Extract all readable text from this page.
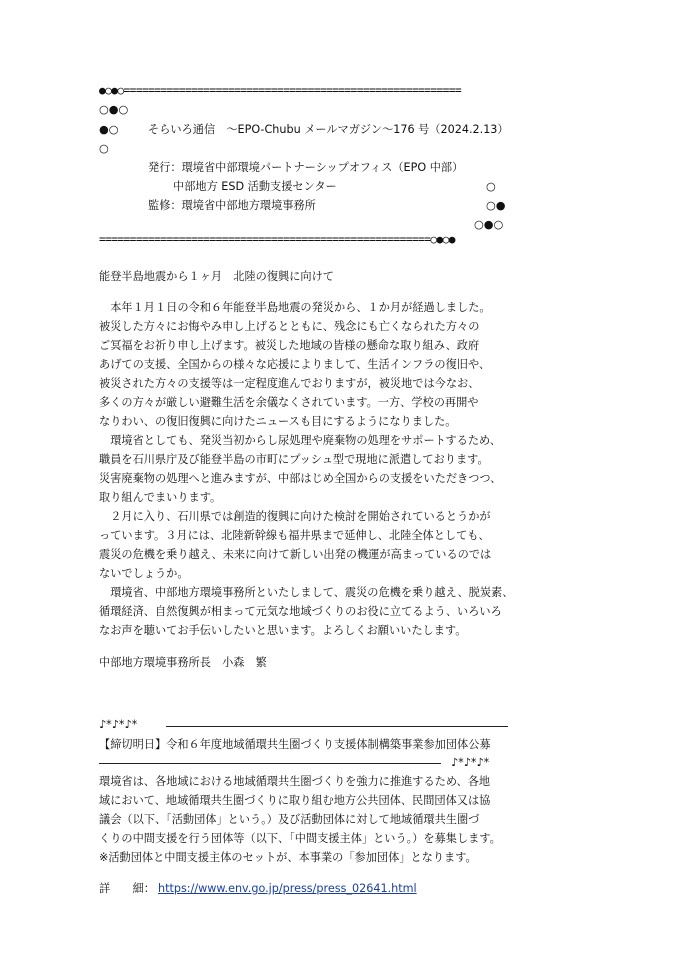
●○●○=======================================================
○●○
●○	そらいろ通信　～EPO-Chubu メールマガジン～176 号（2024.2.13）
○
発行：環境省中部環境パートナーシップオフィス（EPO 中部）
中部地方 ESD 活動支援センター	○
監修：環境省中部地方環境事務所	○●
○●○
======================================================○●○●
能登半島地震から１ヶ月　北陸の復興に向けて
　本年１月１日の令和６年能登半島地震の発災から、１か月が経過しました。
被災した方々にお悔やみ申し上げるとともに、残念にも亡くなられた方々の
ご冥福をお祈り申し上げます。被災した地域の皆様の懸命な取り組み、政府
あげての支援、全国からの様々な応援によりまして、生活インフラの復旧や、
被災された方々の支援等は一定程度進んでおりますが，被災地では今なお、
多くの方々が厳しい避難生活を余儀なくされています。一方、学校の再開や
なりわい、の復旧復興に向けたニュースも目にするようになりました。
　環境省としても、発災当初からし尿処理や廃棄物の処理をサポートするため、
職員を石川県庁及び能登半島の市町にプッシュ型で現地に派遣しております。
災害廃棄物の処理へと進みますが、中部はじめ全国からの支援をいただきつつ、
取り組んでまいります。
　２月に入り、石川県では創造的復興に向けた検討を開始されているとうかが
っています。３月には、北陸新幹線も福井県まで延伸し、北陸全体としても、
震災の危機を乗り越え、未来に向けて新しい出発の機運が高まっているのでは
ないでしょうか。
　環境省、中部地方環境事務所といたしまして、震災の危機を乗り越え、脱炭素、
循環経済、自然復興が相まって元気な地域づくりのお役に立てるよう、いろいろ
なお声を聴いてお手伝いしたいと思います。よろしくお願いいたします。
中部地方環境事務所長　小森　繁
♪*♪*♪*
【締切明日】令和６年度地域循環共生圏づくり支援体制構築事業参加団体公募
♪*♪*♪*
環境省は、各地域における地域循環共生圏づくりを強力に推進するため、各地
域において、地域循環共生圏づくりに取り組む地方公共団体、民間団体又は協
議会（以下、「活動団体」という。）及び活動団体に対して地域循環共生圏づ
くりの中間支援を行う団体等（以下、「中間支援主体」という。）を募集します。
※活動団体と中間支援主体のセットが、本事業の「参加団体」となります。
詳　　細： https://www.env.go.jp/press/press_02641.html
